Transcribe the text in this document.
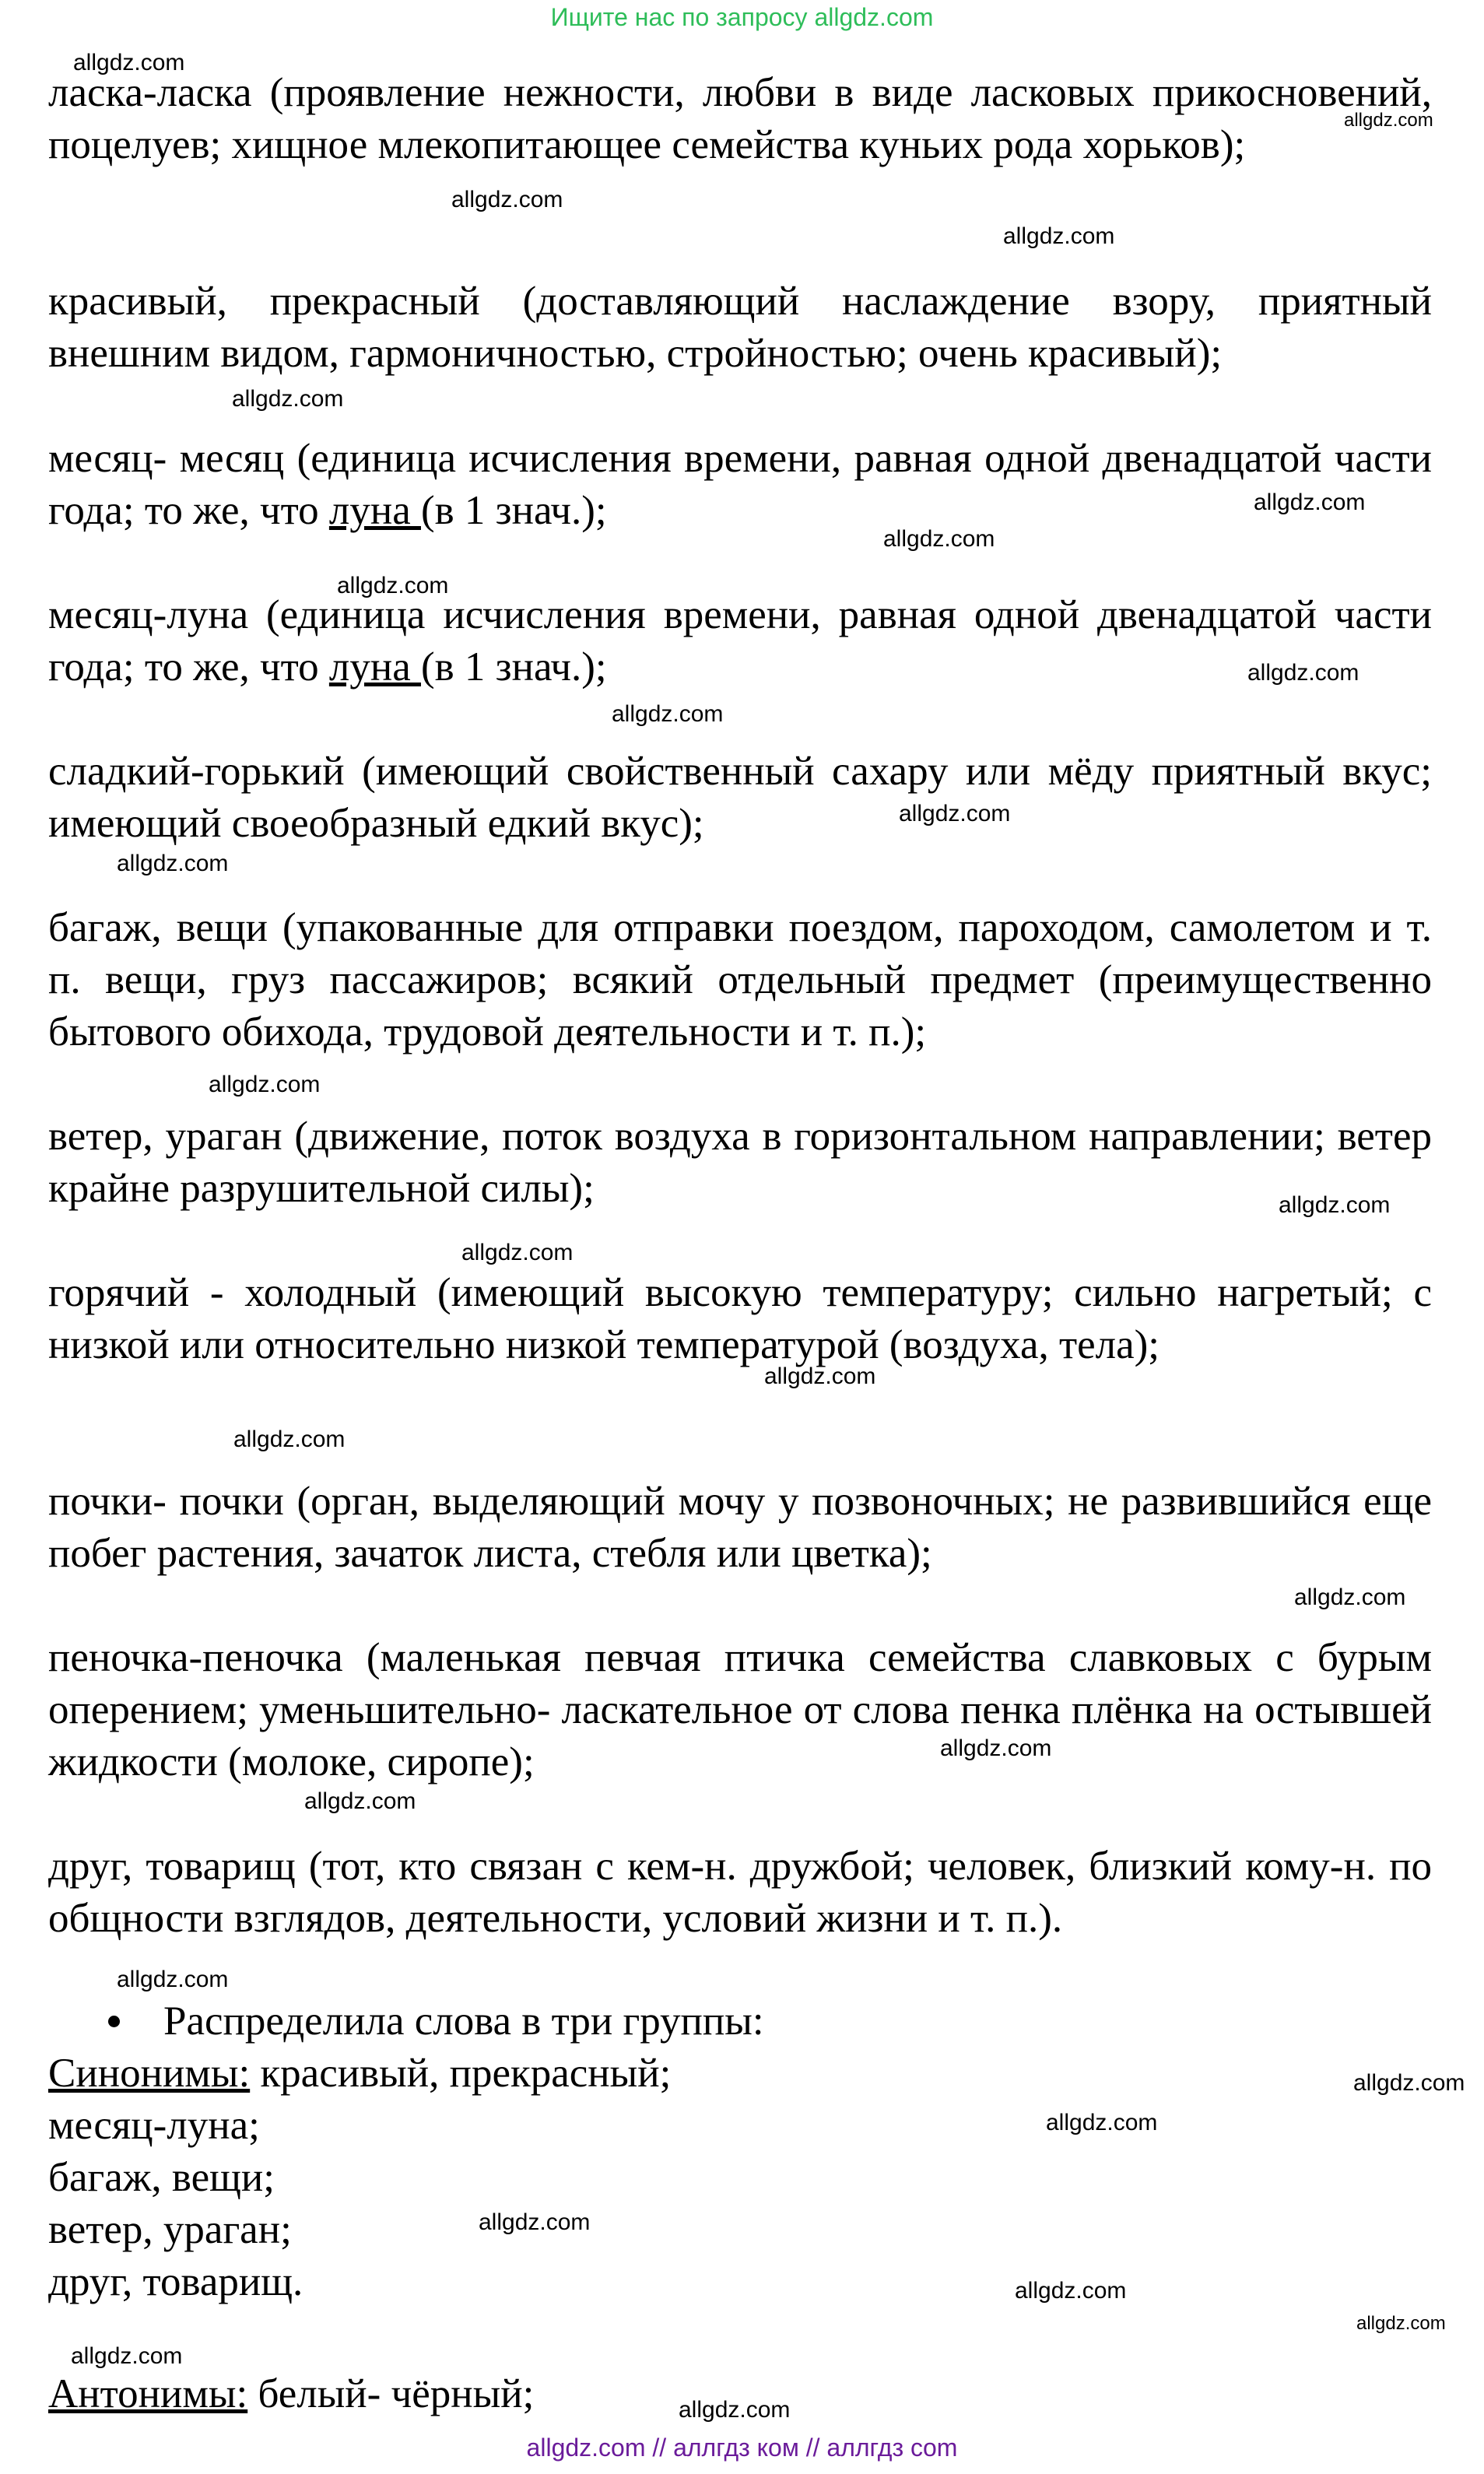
Ищите нас по запросу allgdz.com

ласка-ласка (проявление нежности, любви в виде ласковых прикосновений, поцелуев; хищное млекопитающее семейства куньих рода хорьков);

красивый, прекрасный (доставляющий наслаждение взору, приятный внешним видом, гармоничностью, стройностью; очень красивый);

месяц- месяц (единица исчисления времени, равная одной двенадцатой части года; то же, что луна (в 1 знач.);

месяц-луна (единица исчисления времени, равная одной двенадцатой части года; то же, что луна (в 1 знач.);

сладкий-горький (имеющий свойственный сахару или мёду приятный вкус; имеющий своеобразный едкий вкус);

багаж, вещи (упакованные для отправки поездом, пароходом, самолетом и т. п. вещи, груз пассажиров; всякий отдельный предмет (преимущественно бытового обихода, трудовой деятельности и т. п.);

ветер, ураган (движение, поток воздуха в горизонтальном направлении; ветер крайне разрушительной силы);

горячий - холодный (имеющий высокую температуру; сильно нагретый; с низкой или относительно низкой температурой (воздуха, тела);

почки- почки (орган, выделяющий мочу у позвоночных; не развившийся еще побег растения, зачаток листа, стебля или цветка);

пеночка-пеночка (маленькая певчая птичка семейства славковых с бурым оперением; уменьшительно- ласкательное от слова пенка плёнка на остывшей жидкости (молоке, сиропе);

друг, товарищ (тот, кто связан с кем-н. дружбой; человек, близкий кому-н. по общности взглядов, деятельности, условий жизни и т. п.).

Распределила слова в три группы:
Синонимы: красивый, прекрасный;
месяц-луна;
багаж, вещи;
ветер, ураган;
друг, товарищ.
Антонимы: белый- чёрный;
allgdz.com
allgdz.com
allgdz.com
allgdz.com
allgdz.com
allgdz.com
allgdz.com
allgdz.com
allgdz.com
allgdz.com
allgdz.com
allgdz.com
allgdz.com
allgdz.com
allgdz.com
allgdz.com
allgdz.com
allgdz.com
allgdz.com
allgdz.com
allgdz.com
allgdz.com
allgdz.com
allgdz.com
allgdz.com
allgdz.com
allgdz.com
allgdz.com
allgdz.com // аллгдз ком // аллгдз com
